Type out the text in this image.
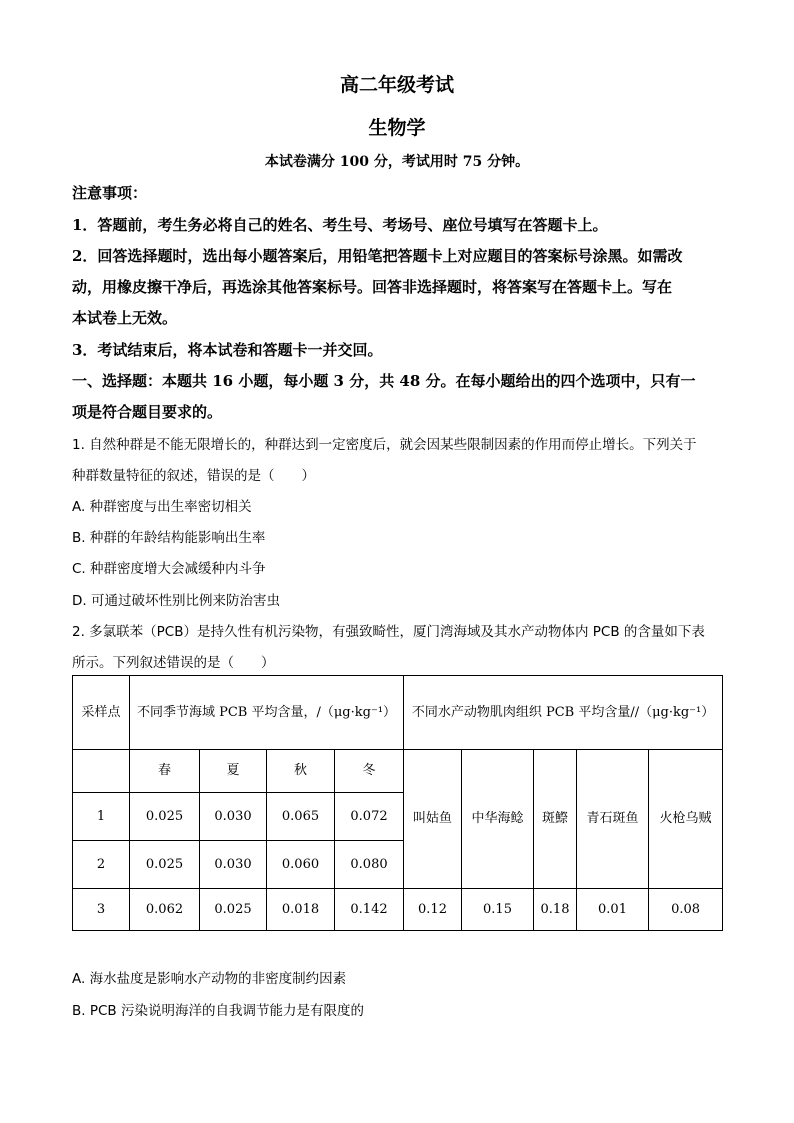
高二年级考试
生物学
本试卷满分 100 分，考试用时 75 分钟。
注意事项：
1．答题前，考生务必将自己的姓名、考生号、考场号、座位号填写在答题卡上。
2．回答选择题时，选出每小题答案后，用铅笔把答题卡上对应题目的答案标号涂黑。如需改
动，用橡皮擦干净后，再选涂其他答案标号。回答非选择题时，将答案写在答题卡上。写在
本试卷上无效。
3．考试结束后，将本试卷和答题卡一并交回。
一、选择题：本题共 16 小题，每小题 3 分，共 48 分。在每小题给出的四个选项中，只有一
项是符合题目要求的。
1. 自然种群是不能无限增长的，种群达到一定密度后，就会因某些限制因素的作用而停止增长。下列关于
种群数量特征的叙述，错误的是（　　）
A. 种群密度与出生率密切相关
B. 种群的年龄结构能影响出生率
C. 种群密度增大会减缓种内斗争
D. 可通过破坏性别比例来防治害虫
2. 多氯联苯（PCB）是持久性有机污染物，有强致畸性，厦门湾海域及其水产动物体内 PCB 的含量如下表
所示。下列叙述错误的是（　　）
采样点	不同季节海域 PCB 平均含量，/（μg·kg⁻¹）				不同水产动物肌肉组织 PCB 平均含量//（μg·kg⁻¹）				
	春	夏	秋	冬	叫姑鱼	中华海鲶	斑鰶	青石斑鱼	火枪乌贼
1	0.025	0.030	0.065	0.072					
2	0.025	0.030	0.060	0.080					
3	0.062	0.025	0.018	0.142	0.12	0.15	0.18	0.01	0.08
A. 海水盐度是影响水产动物的非密度制约因素
B. PCB 污染说明海洋的自我调节能力是有限度的
